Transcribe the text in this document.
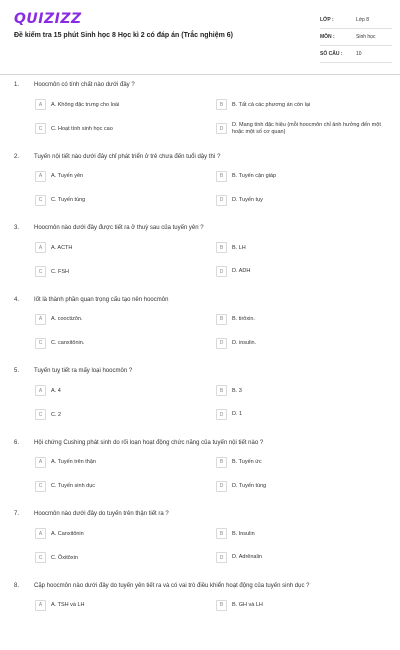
QUIZIZZ
Đề kiểm tra 15 phút Sinh học 8 Học kì 2 có đáp án (Trắc nghiệm 6)
LỚP :	Lớp 8
MÔN :	Sinh học
SỐ CÂU :	10
1. Hoocmôn có tính chất nào dưới đây ?
A	A. Không đặc trưng cho loài	B	B. Tất cả các phương án còn lại
C	C. Hoạt tính sinh học cao	D
D. Mang tính đặc hiệu (mỗi hoocmôn chỉ ảnh hưởng đến một hoặc một số cơ quan)
2. Tuyến nội tiết nào dưới đây chỉ phát triển ở trẻ chưa đến tuổi dậy thì ?
A	A. Tuyến yên	B	B. Tuyến cận giáp
C	C. Tuyến tùng	D	D. Tuyến tụy
3. Hoocmôn nào dưới đây được tiết ra ở thuỳ sau của tuyến yên ?
A	A. ACTH	B	B. LH
C	C. FSH	D	D. ADH
4. Iốt là thành phần quan trọng cấu tạo nên hoocmôn
A	A. cooctizôn.	B	B. tirôxin.
C	C. canxitônin.	D	D. insulin.
5. Tuyến tuỵ tiết ra mấy loại hoocmôn ?
A	A. 4	B	B. 3
C	C. 2	D	D. 1
6. Hội chứng Cushing phát sinh do rối loạn hoạt động chức năng của tuyến nội tiết nào ?
A	A. Tuyến trên thận	B	B. Tuyến ức
C	C. Tuyến sinh dục	D	D. Tuyến tùng
7. Hoocmôn nào dưới đây do tuyến trên thận tiết ra ?
A	A. Canxitônin	B	B. Insulin
C	C. Ôxitôxin	D	D. Adrênalin
8. Cặp hoocmôn nào dưới đây do tuyến yên tiết ra và có vai trò điều khiển hoạt động của tuyến sinh dục ?
A	A. TSH và LH	B	B. GH và LH
